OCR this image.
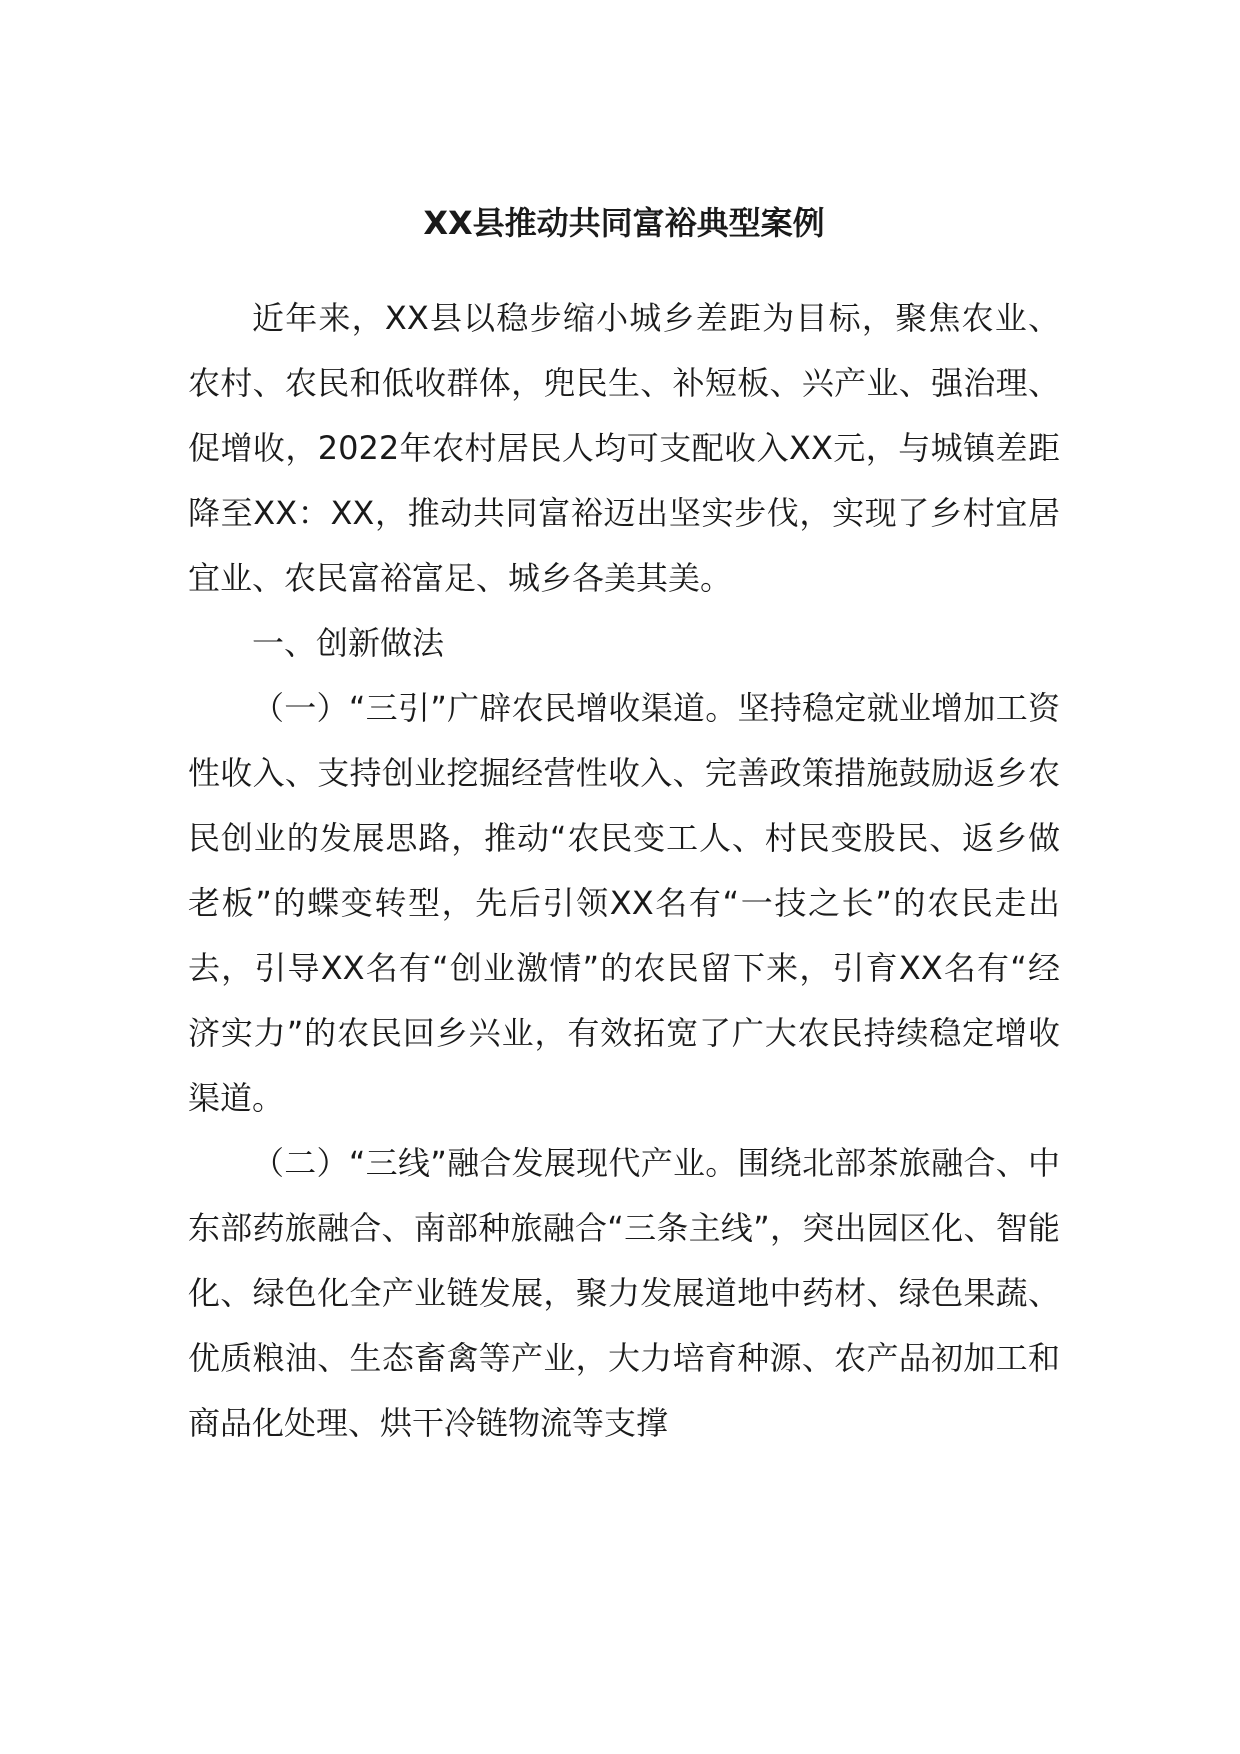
XX县推动共同富裕典型案例

近年来，XX县以稳步缩小城乡差距为目标，聚焦农业、农村、农民和低收群体，兜民生、补短板、兴产业、强治理、促增收，2022年农村居民人均可支配收入XX元，与城镇差距降至XX：XX，推动共同富裕迈出坚实步伐，实现了乡村宜居宜业、农民富裕富足、城乡各美其美。

一、创新做法

（一）“三引”广辟农民增收渠道。坚持稳定就业增加工资性收入、支持创业挖掘经营性收入、完善政策措施鼓励返乡农民创业的发展思路，推动“农民变工人、村民变股民、返乡做老板”的蝶变转型，先后引领XX名有“一技之长”的农民走出去，引导XX名有“创业激情”的农民留下来，引育XX名有“经济实力”的农民回乡兴业，有效拓宽了广大农民持续稳定增收渠道。

（二）“三线”融合发展现代产业。围绕北部茶旅融合、中东部药旅融合、南部种旅融合“三条主线”，突出园区化、智能化、绿色化全产业链发展，聚力发展道地中药材、绿色果蔬、优质粮油、生态畜禽等产业，大力培育种源、农产品初加工和商品化处理、烘干冷链物流等支撑
